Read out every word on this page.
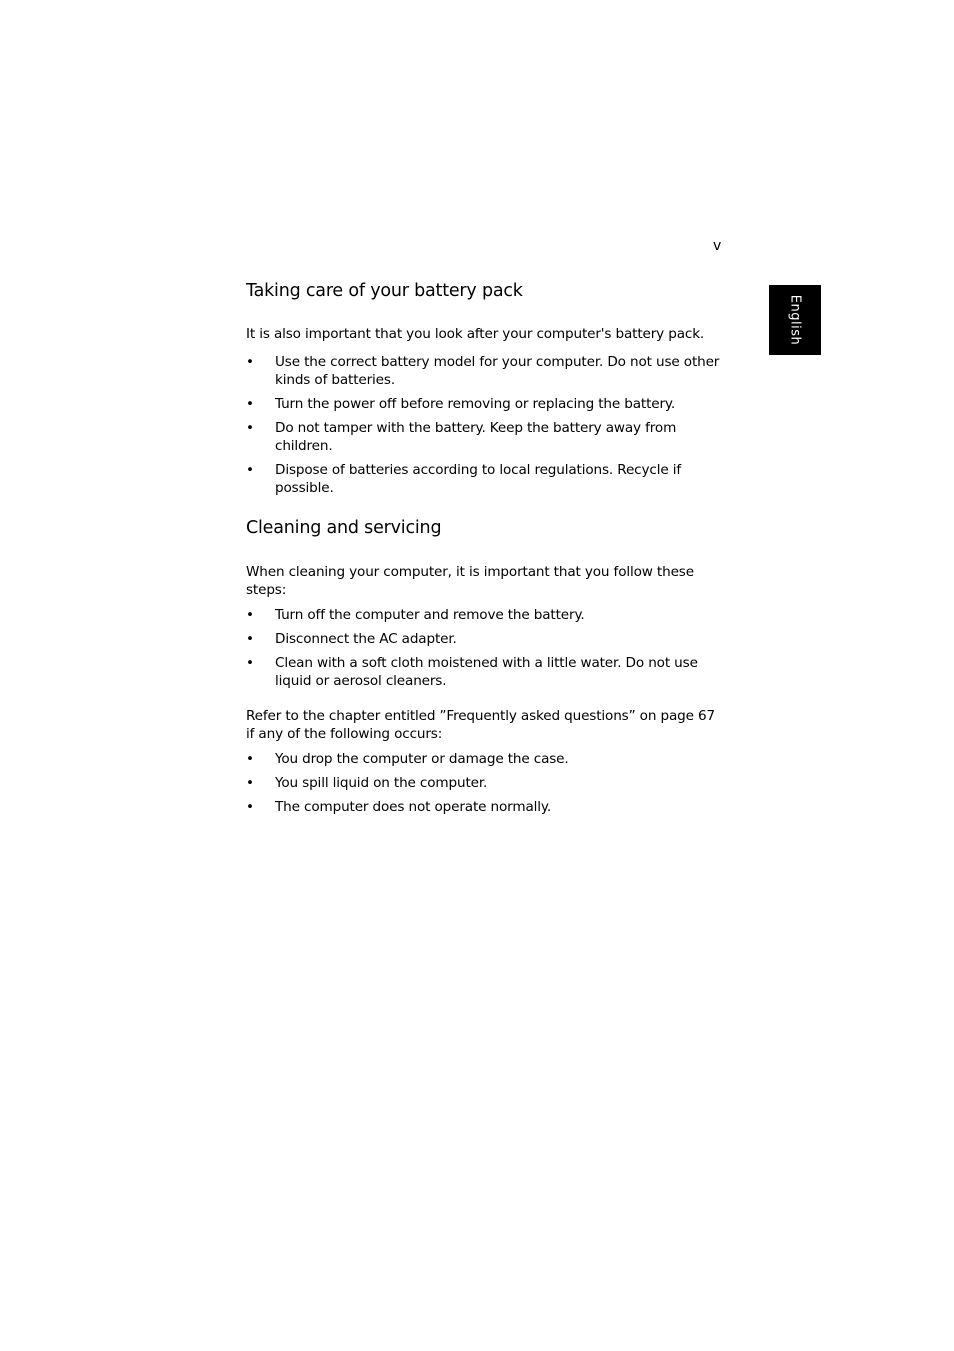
v
English
Taking care of your battery pack

It is also important that you look after your computer's battery pack.

• Use the correct battery model for your computer. Do not use other kinds of batteries.
• Turn the power off before removing or replacing the battery.
• Do not tamper with the battery. Keep the battery away from children.
• Dispose of batteries according to local regulations. Recycle if possible.
Cleaning and servicing

When cleaning your computer, it is important that you follow these steps:

• Turn off the computer and remove the battery.
• Disconnect the AC adapter.
• Clean with a soft cloth moistened with a little water. Do not use liquid or aerosol cleaners.

Refer to the chapter entitled ”Frequently asked questions” on page 67 if any of the following occurs:

• You drop the computer or damage the case.
• You spill liquid on the computer.
• The computer does not operate normally.
